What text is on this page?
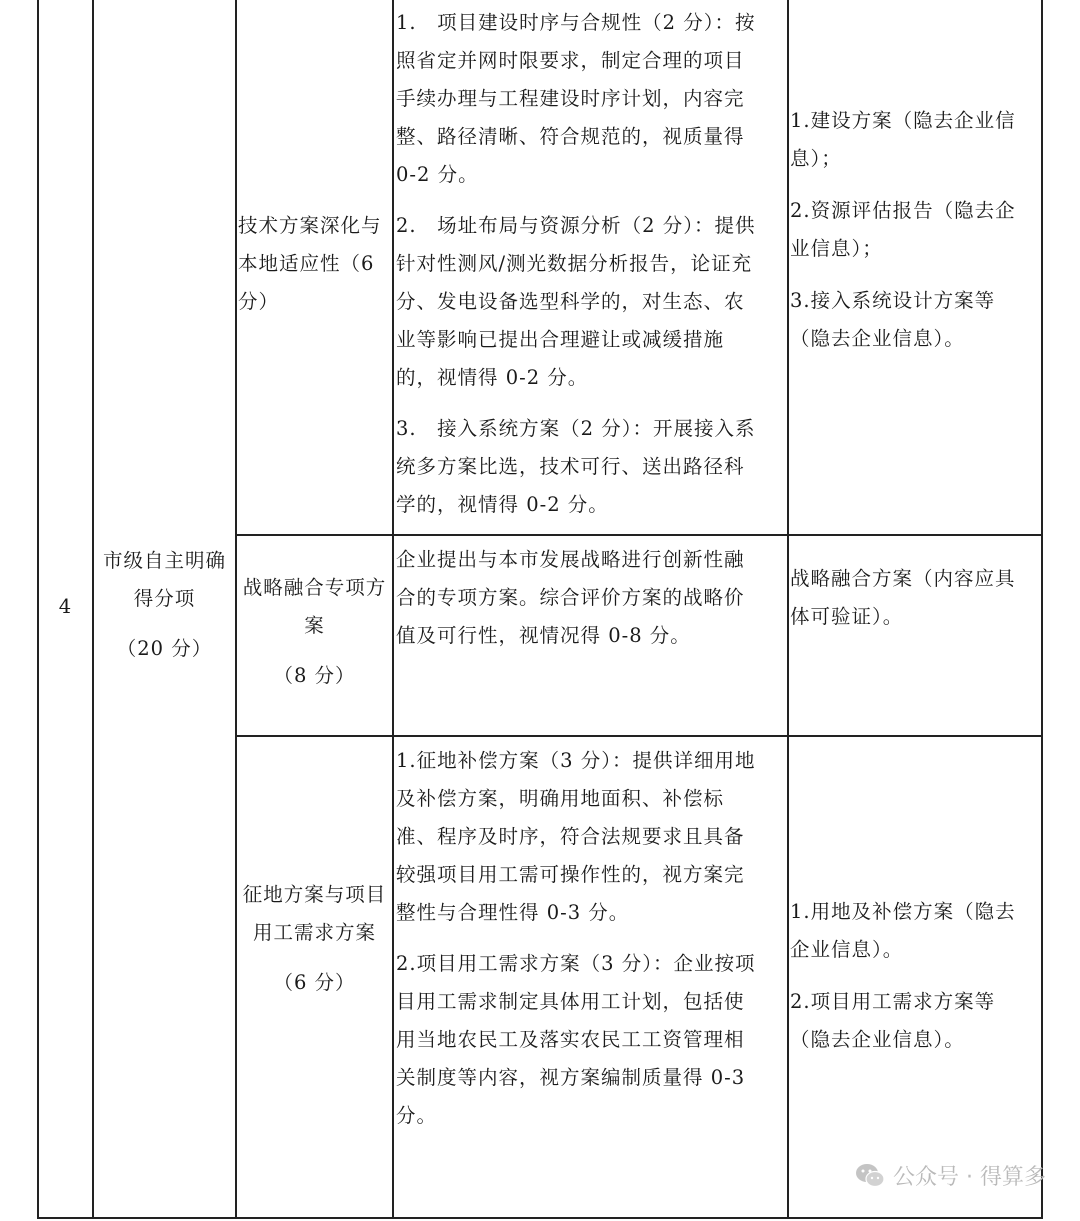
4

市级自主明确

得分项

（20 分）

技术方案深化与

本地适应性（6

分）

1.　项目建设时序与合规性（2 分）：按

照省定并网时限要求，制定合理的项目

手续办理与工程建设时序计划，内容完

整、路径清晰、符合规范的，视质量得

0-2 分。

2.　场址布局与资源分析（2 分）：提供

针对性测风/测光数据分析报告，论证充

分、发电设备选型科学的，对生态、农

业等影响已提出合理避让或减缓措施

的，视情得 0-2 分。

3.　接入系统方案（2 分）：开展接入系

统多方案比选，技术可行、送出路径科

学的，视情得 0-2 分。

1.建设方案（隐去企业信

息）；

2.资源评估报告（隐去企

业信息）；

3.接入系统设计方案等

（隐去企业信息）。

战略融合专项方

案

（8 分）

企业提出与本市发展战略进行创新性融

合的专项方案。综合评价方案的战略价

值及可行性，视情况得 0-8 分。

战略融合方案（内容应具

体可验证）。

征地方案与项目

用工需求方案

（6 分）

1.征地补偿方案（3 分）：提供详细用地

及补偿方案，明确用地面积、补偿标

准、程序及时序，符合法规要求且具备

较强项目用工需可操作性的，视方案完

整性与合理性得 0-3 分。

2.项目用工需求方案（3 分）：企业按项

目用工需求制定具体用工计划，包括使

用当地农民工及落实农民工工资管理相

关制度等内容，视方案编制质量得 0-3

分。

1.用地及补偿方案（隐去

企业信息）。

2.项目用工需求方案等

（隐去企业信息）。

公众号 · 得算多
